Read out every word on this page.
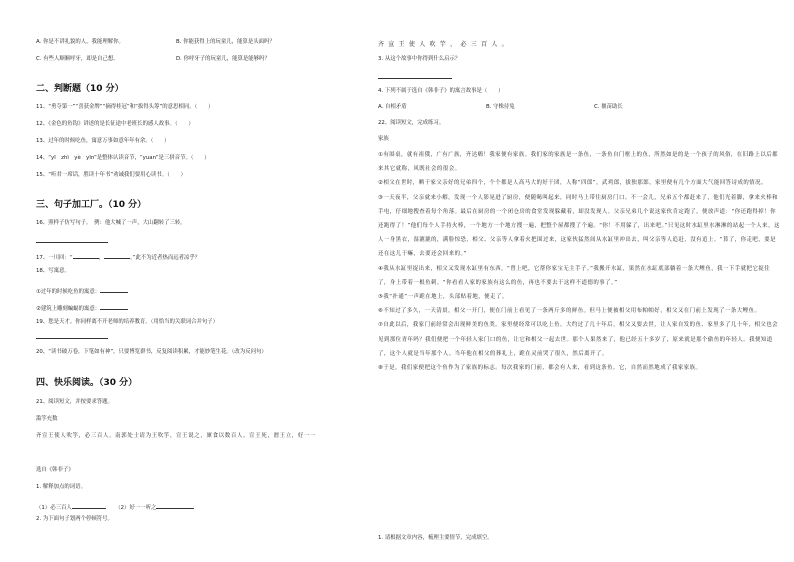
A. 你是不讲礼貌的人，我能理解你。	B. 你能获得上的玩童儿，能算是头面吗？
C. 有些人顺顺呼牙，却是自己想。	D. 你呼牙子的玩童儿，能算是能够吗？
二、判断题（10 分）
11、“勇夺第一”“喜获金牌”“摘得桂冠”和“拔得头筹”的意思相同。（　　）
12、《金色的鱼钩》讲述的是长征途中老班长的感人故事。（　　）
13、过年的时候吃鱼，寓意万事如意年年有余。（　　）
14、“yī　zhì　yè　yīn”是整体认读音节，“yuan”是三拼音节。（　　）
15、“听君一席话，胜读十年书”劝诫我们要用心读书。（　　）
三、句子加工厂。（10 分）
16、照样子仿写句子。　例：他大喊了一声，大山翻转了三转。
17、一川回：“	，	。”此不为近者热而远者凉乎？
18、写寓意。
①过年的时候吃鱼的寓意：
②建筑上雕刻蝙蝠的寓意：
19、您是天才。你同样离不开老师的培养教育。（用恰当的关联词合并句子）
20、“读书破万卷，下笔如有神”，只要博览群书，反复阅读积累，才能妙笔生花。（改为反问句）
四、快乐阅读。（30 分）
21、阅读短文，并按要求答题。
滥竽充数
齐宣王使人吹竽，必三百人。南郭处士请为王吹竽，宣王说之，廪食以数百人。宣王死，湣王立，好一一
选自《韩非子》
1. 解释加点的词语。
（1）必三百人	（2）好一一听之
2. 为下面句子划两个停顿符号。
齐 宣 王 使 人 吹 竽 ， 必 三 百 人 。
3. 从这个故事中你得到什么启示？
4. 下列不属于选自《韩非子》的寓言故事是（　　）
A. 自相矛盾	B. 守株待兔	C. 揠苗助长
22、阅读短文，完成练习。
家族
①有围桌，就有祖俄，广有广族，齐达嗨！我家便有家族。我们家的家族是一条鱼，一条鱼自门框上的鱼，所然如是的是一个孩子的风俗，在旧路上以后都来其它就称，风既社会的很会。
②相父在世时，晒干家父亲好的兄弟四个，个个都是人高马大的好干团，人称“四郎”，武鸡郎，拔独那郎，家里便有几个方面大气能回答诗成的情况。
③一天夜半，父亲就来小解，发现一个人影晃进了厨房，便随喝叫起来，同时马上带往厨房门口。不一会儿，兄弟五个都赶来了，他们光着脚，拿来火棒和手电，仔细地搜查着每个角落。最后在厨房的一个闭仓房的食堂发现躲藏着，却没发现人。父亲兄弟几个说这家伙肯定跑了，便放声道：“你还跑得掉！你还跑得了！”他们每个人手持火棒，一个地方一个地方搜一遍，把整个屋都搜了个遍。“你！不用躲了，出来吧。”只见这时水缸里水淋淋的站起一个人来，这人一身黑衣，湿漉漉的，满脸惊恐，相父、父亲等人拿着火把围过来，这家伙猛然间从水缸里冲出去，叫父亲等人追赶，没有追上。“算了，你走吧，要是还在这儿干嘛，去要还会回来的。”
④我从水缸里捉出来，相父又发现水缸里有东西，“曾上吧，它帮你家宝无主手子。”我搬开水缸，果然在水缸底部躺着一条大鲤鱼，我一下手就把它捉住了，身上带着一根鱼刺。“你看看人家的家族有这么的鱼，再也不要去干这样不道德的事了。”
⑤我“扑通”一声跪在地上，头部贴着地，便走了。
⑥不知过了多久，一天清晨，相父一开门，便在门前上看见了一条两斤多的鲜鱼。但马上便被相父用布帕帕好，相父又在门前上发现了一条大鲤鱼。
⑦自此以后，我家门前经常会出现鲜美的鱼类。家里便经常可以吃上鱼。大约过了几十年后，相父又要去世，让人家自发的鱼、家里多了几十年，相父也会见到那位青年吗？我们便把一个年轻人家门口的鱼，让它和相父一起去世。那个人果然来了，他已经五十多岁了，原来就是那个偷鱼的年轻人。我便知道了，这个人就是当年那个人。当年他在相父的葬礼上，跪在灵前哭了很久，然后离开了。
⑧于是，我们家便把这个鱼作为了家族的标志。每次我家的门前，都会有人来，看到这条鱼。它，自然而然地成了我家家族。
1. 请根据文章内容，梳理主要情节，完成填空。
